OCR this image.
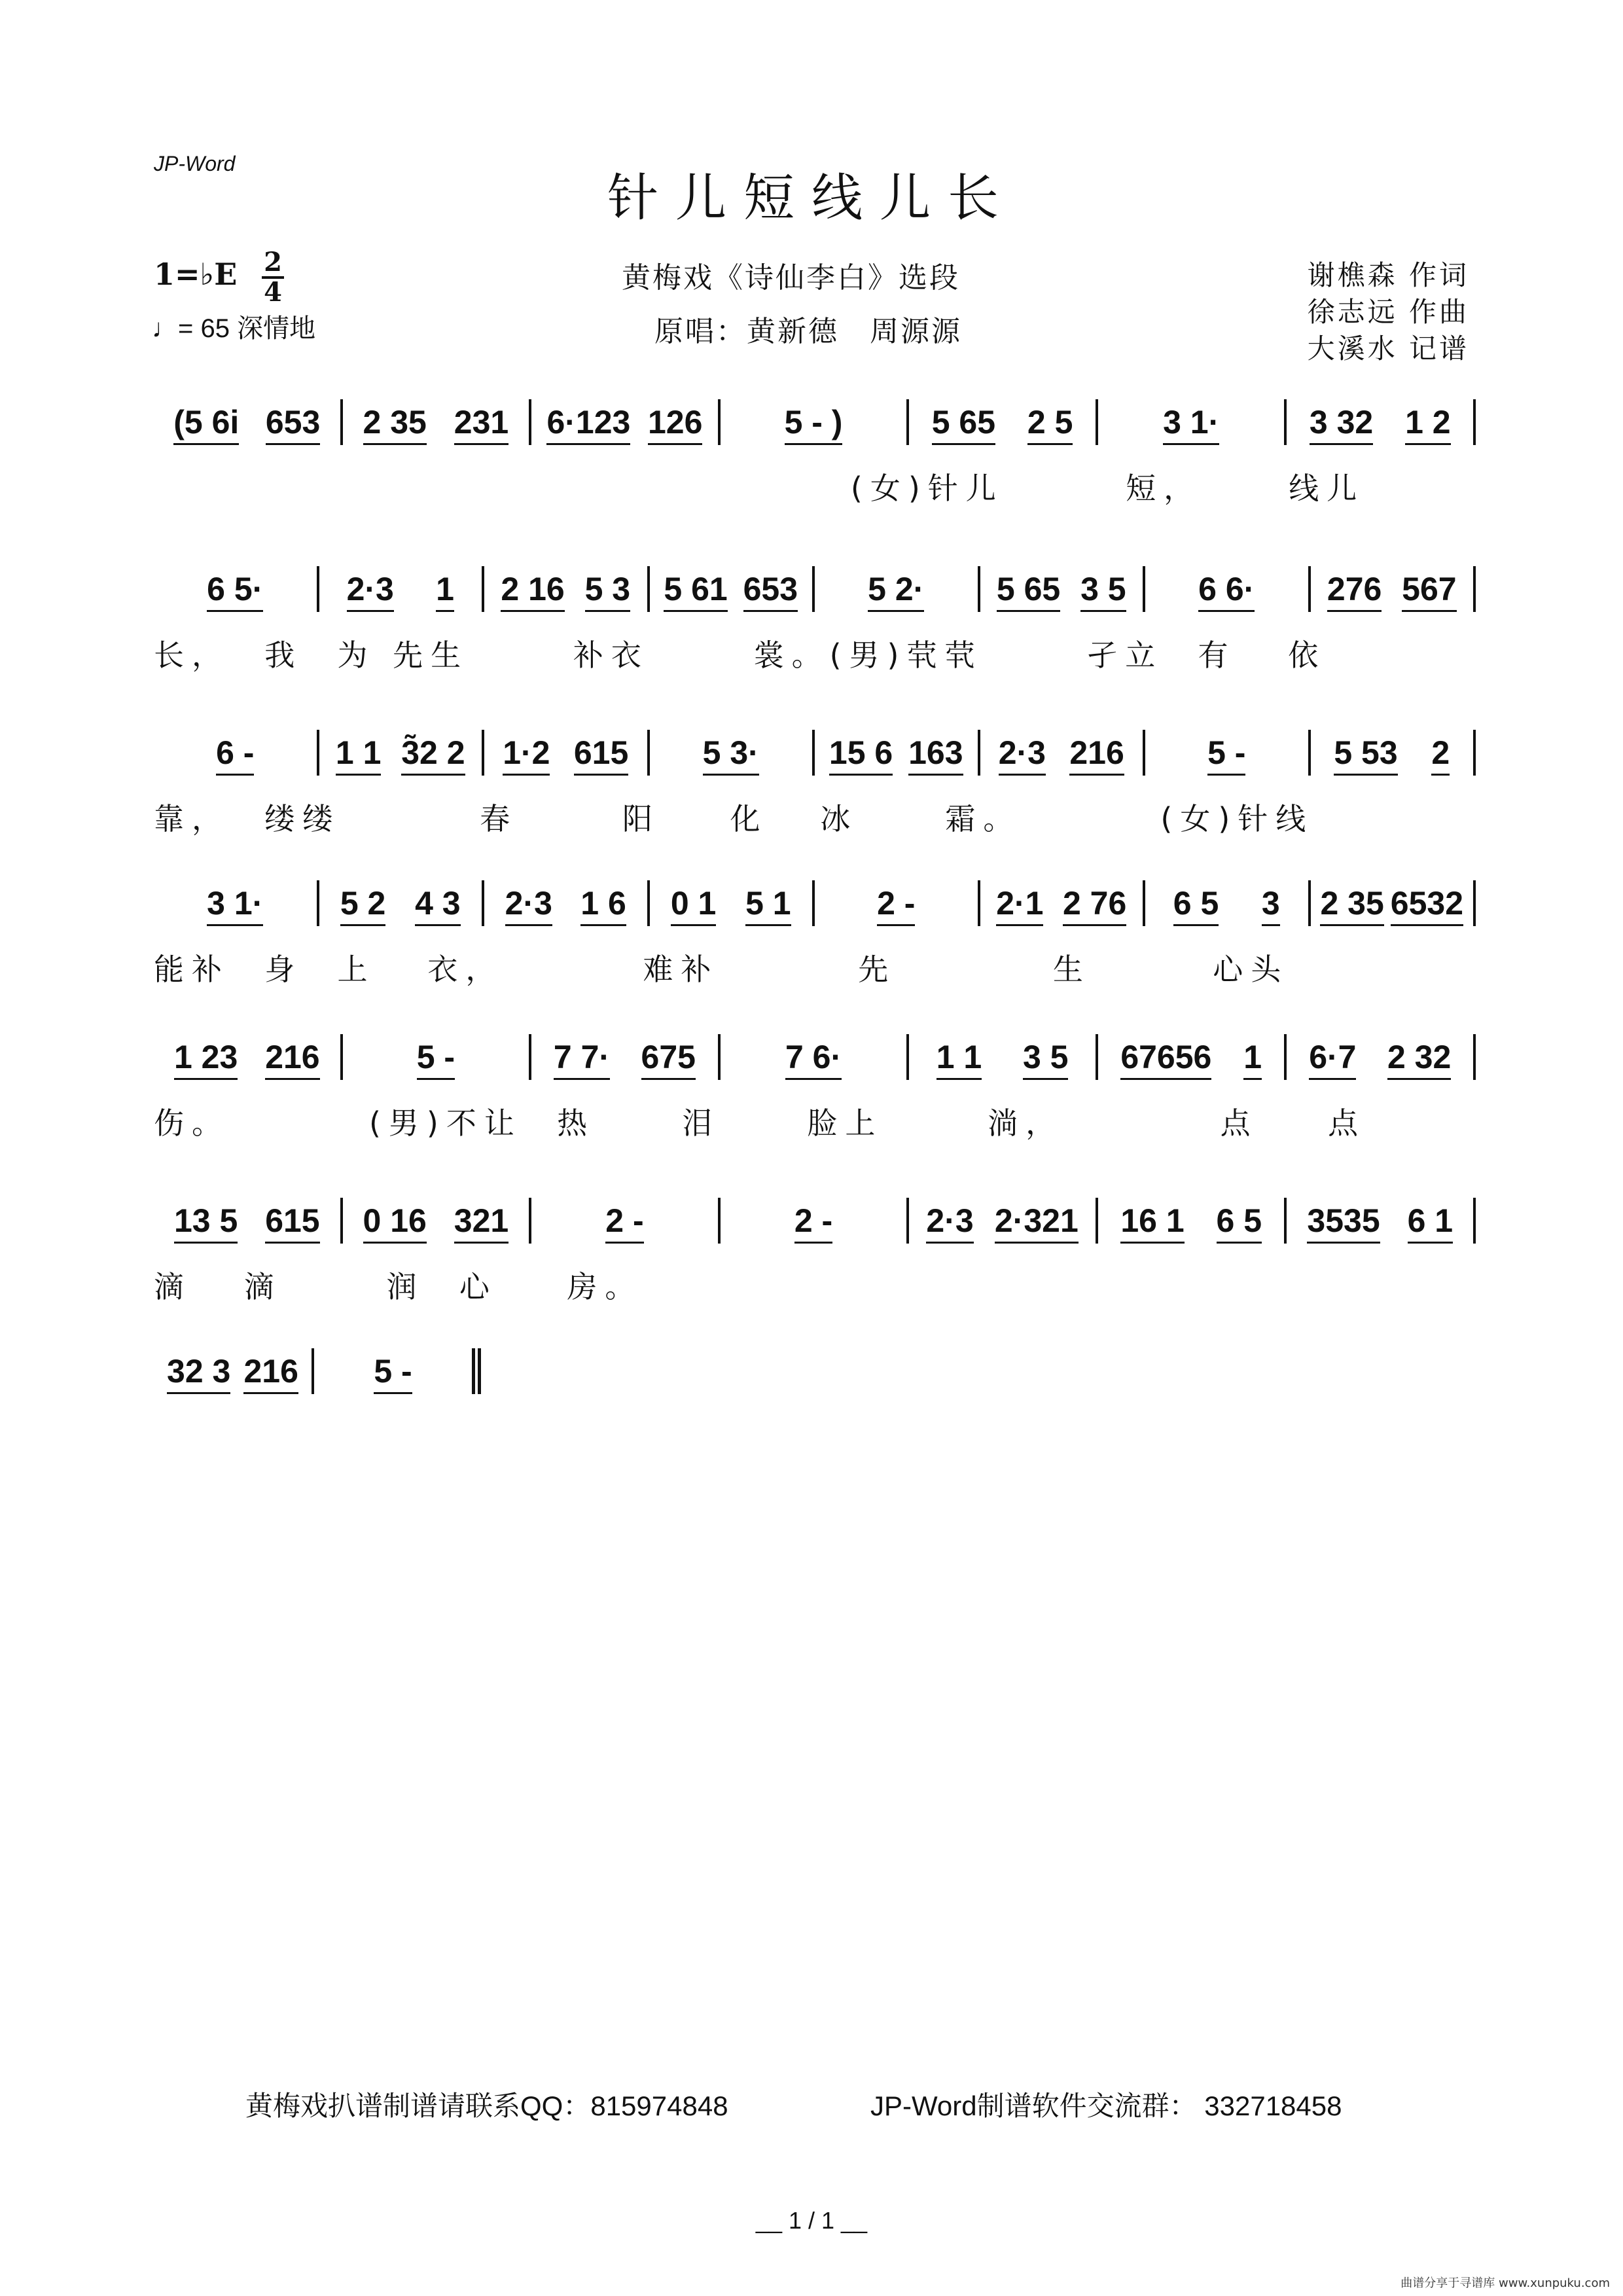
JP-Word
针儿短线儿长
1=♭E 2
4
♩= 65 深情地
黄梅戏《诗仙李白》选段
原唱：黄新德　周源源
谢樵森 作词
徐志远 作曲
大溪水 记谱
(5 6i 653 2 35 231 6·123 126	5 - )	5 65 2 5	3 1·	3 32 1 2
(女)针儿       短，     线儿
6 5·	2·3 1 2 16 5 3 5 61 653 5 2· 5 65 3 5 6 6· 276 567
长，  我  为 先生      补衣      裳。(男)茕茕      孑立  有   依
6 - 1 1 3̃2 2 1·2 615 5 3· 15 6 163 2·3 216	5 -	5 53 2
靠，  缕缕        春      阳    化   冰     霜。        (女)针线
3 1· 5 2 4 3 2·3 1 6 0 1 5 1	2 - 2·1 2 76 6 5 3 2 35 6532
能补  身  上   衣，        难补        先         生       心头
1 23 216	5 -	7 7· 675	7 6·	1 1 3 5 67656 1 6·7 2 32
伤。        (男)不让  热     泪     脸上      淌，         点    点
13 5 615 0 16 321	2 -	2 -	2·3 2·321 16 1 6 5 3535 6 1
滴   滴      润  心    房。
32 3 216 5 -
黄梅戏扒谱制谱请联系QQ：815974848	JP-Word制谱软件交流群： 332718458
__ 1 / 1 __
曲谱分享于寻谱库 www.xunpuku.com
